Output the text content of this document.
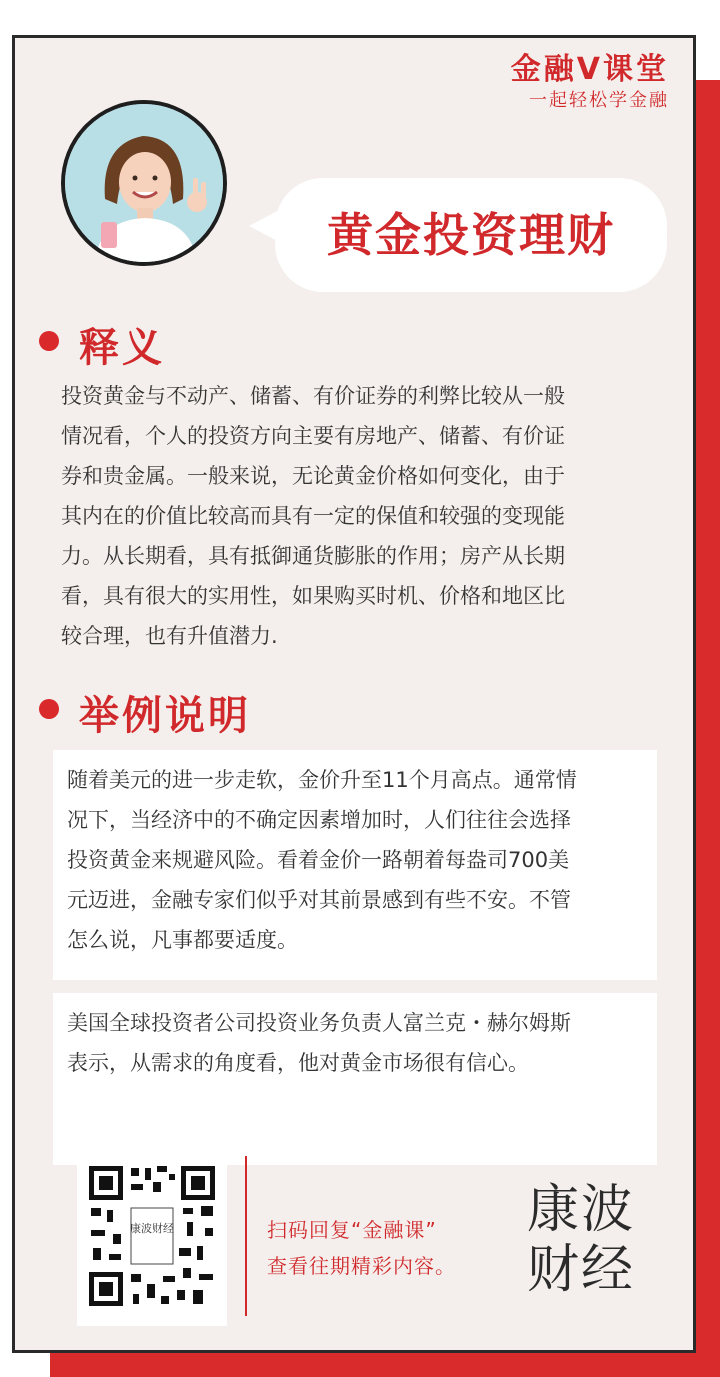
金融V课堂
一起轻松学金融
黄金投资理财
释义

投资黄金与不动产、储蓄、有价证券的利弊比较从一般

情况看，个人的投资方向主要有房地产、储蓄、有价证

券和贵金属。一般来说，无论黄金价格如何变化，由于

其内在的价值比较高而具有一定的保值和较强的变现能

力。从长期看，具有抵御通货膨胀的作用；房产从长期

看，具有很大的实用性，如果购买时机、价格和地区比

较合理，也有升值潜力.

举例说明
随着美元的进一步走软，金价升至11个月高点。通常情
况下，当经济中的不确定因素增加时，人们往往会选择
投资黄金来规避风险。看着金价一路朝着每盎司700美
元迈进，金融专家们似乎对其前景感到有些不安。不管
怎么说，凡事都要适度。
美国全球投资者公司投资业务负责人富兰克・赫尔姆斯
表示，从需求的角度看，他对黄金市场很有信心。
康波财经	扫码回复“金融课”
查看往期精彩内容。
康波
财经
